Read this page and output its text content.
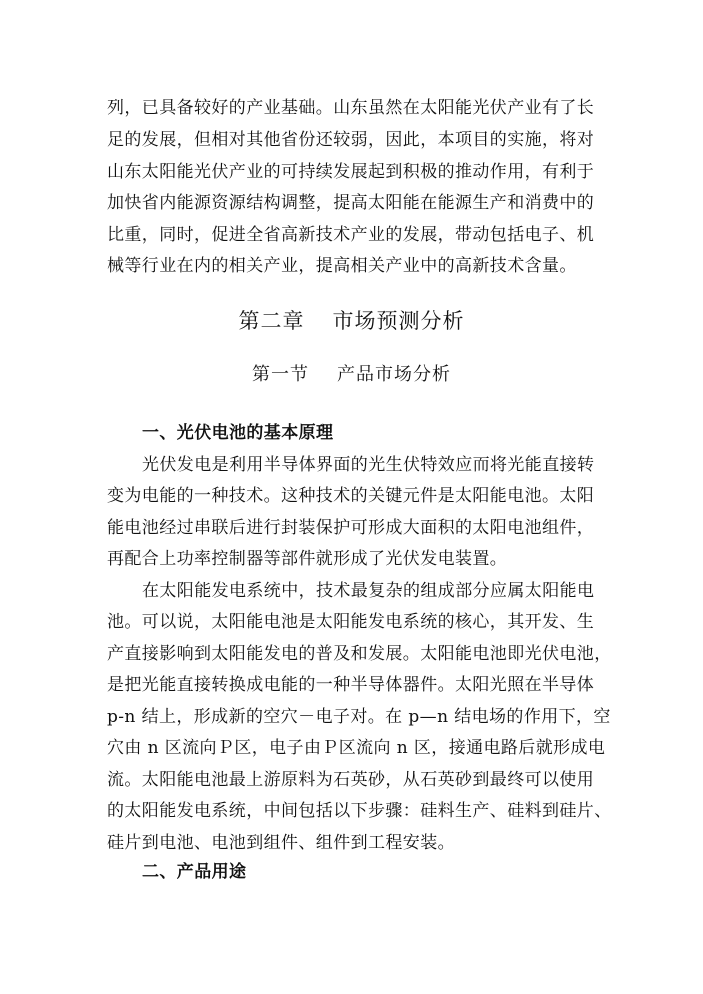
列，已具备较好的产业基础。山东虽然在太阳能光伏产业有了长
足的发展，但相对其他省份还较弱，因此，本项目的实施，将对
山东太阳能光伏产业的可持续发展起到积极的推动作用，有利于
加快省内能源资源结构调整，提高太阳能在能源生产和消费中的
比重，同时，促进全省高新技术产业的发展，带动包括电子、机
械等行业在内的相关产业，提高相关产业中的高新技术含量。
第二章 市场预测分析
第一节 产品市场分析
一、光伏电池的基本原理
光伏发电是利用半导体界面的光生伏特效应而将光能直接转
变为电能的一种技术。这种技术的关键元件是太阳能电池。太阳
能电池经过串联后进行封装保护可形成大面积的太阳电池组件，
再配合上功率控制器等部件就形成了光伏发电装置。
在太阳能发电系统中，技术最复杂的组成部分应属太阳能电
池。可以说，太阳能电池是太阳能发电系统的核心，其开发、生
产直接影响到太阳能发电的普及和发展。太阳能电池即光伏电池，
是把光能直接转换成电能的一种半导体器件。太阳光照在半导体
p-n 结上，形成新的空穴－电子对。在 p—n 结电场的作用下，空
穴由 n 区流向Ｐ区，电子由Ｐ区流向 n 区，接通电路后就形成电
流。太阳能电池最上游原料为石英砂，从石英砂到最终可以使用
的太阳能发电系统，中间包括以下步骤：硅料生产、硅料到硅片、
硅片到电池、电池到组件、组件到工程安装。
二、产品用途
